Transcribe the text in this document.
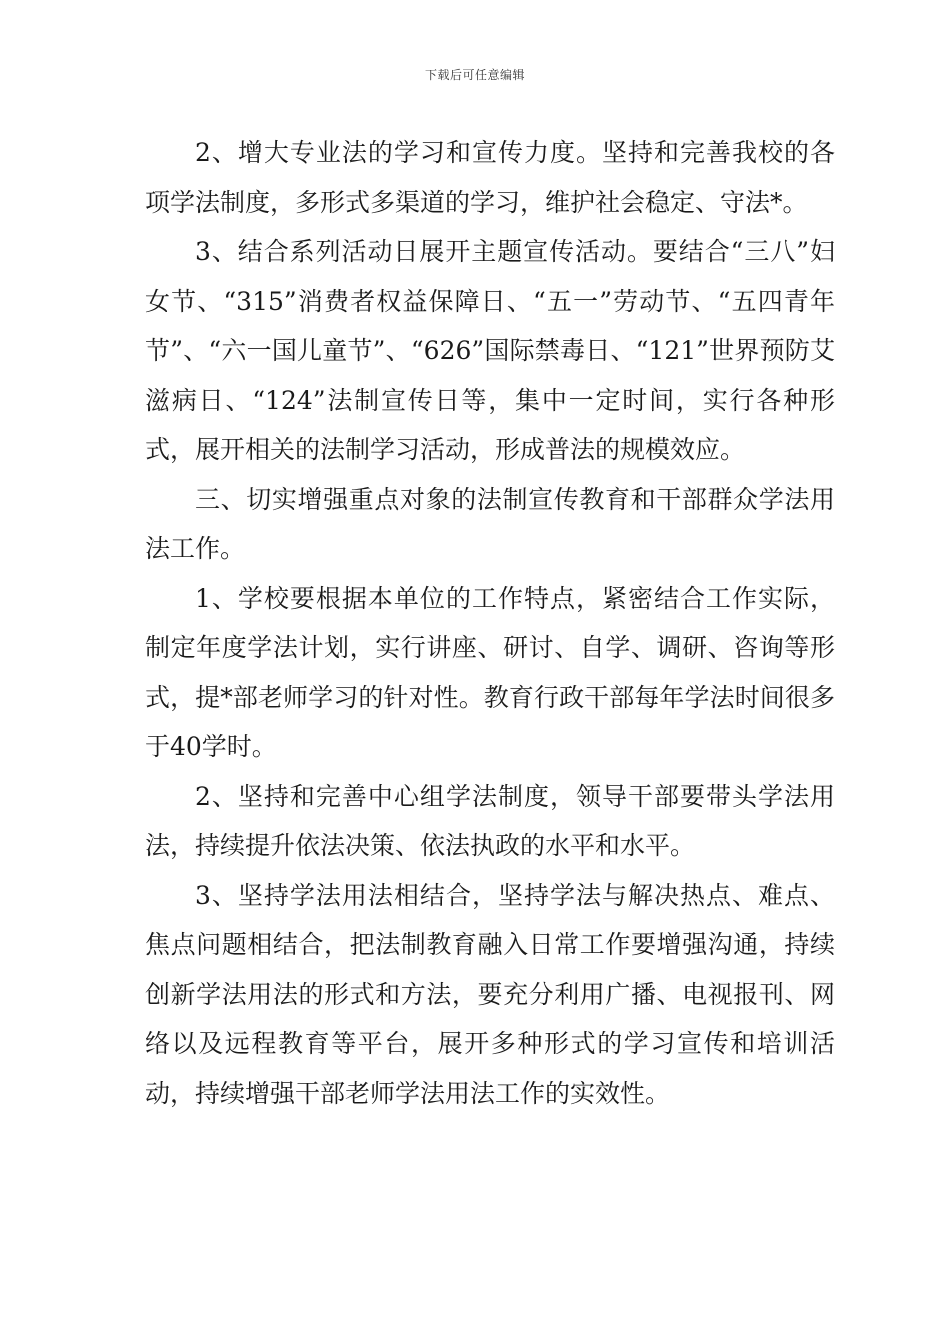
下载后可任意编辑

2、增大专业法的学习和宣传力度。坚持和完善我校的各项学法制度，多形式多渠道的学习，维护社会稳定、守法*。

3、结合系列活动日展开主题宣传活动。要结合“三八”妇女节、“315”消费者权益保障日、“五一”劳动节、“五四青年节”、“六一国儿童节”、“626”国际禁毒日、“121”世界预防艾滋病日、“124”法制宣传日等，集中一定时间，实行各种形式，展开相关的法制学习活动，形成普法的规模效应。

三、切实增强重点对象的法制宣传教育和干部群众学法用法工作。

1、学校要根据本单位的工作特点，紧密结合工作实际，制定年度学法计划，实行讲座、研讨、自学、调研、咨询等形式，提*部老师学习的针对性。教育行政干部每年学法时间很多于40学时。

2、坚持和完善中心组学法制度，领导干部要带头学法用法，持续提升依法决策、依法执政的水平和水平。

3、坚持学法用法相结合，坚持学法与解决热点、难点、焦点问题相结合，把法制教育融入日常工作要增强沟通，持续创新学法用法的形式和方法，要充分利用广播、电视报刊、网络以及远程教育等平台，展开多种形式的学习宣传和培训活动，持续增强干部老师学法用法工作的实效性。
